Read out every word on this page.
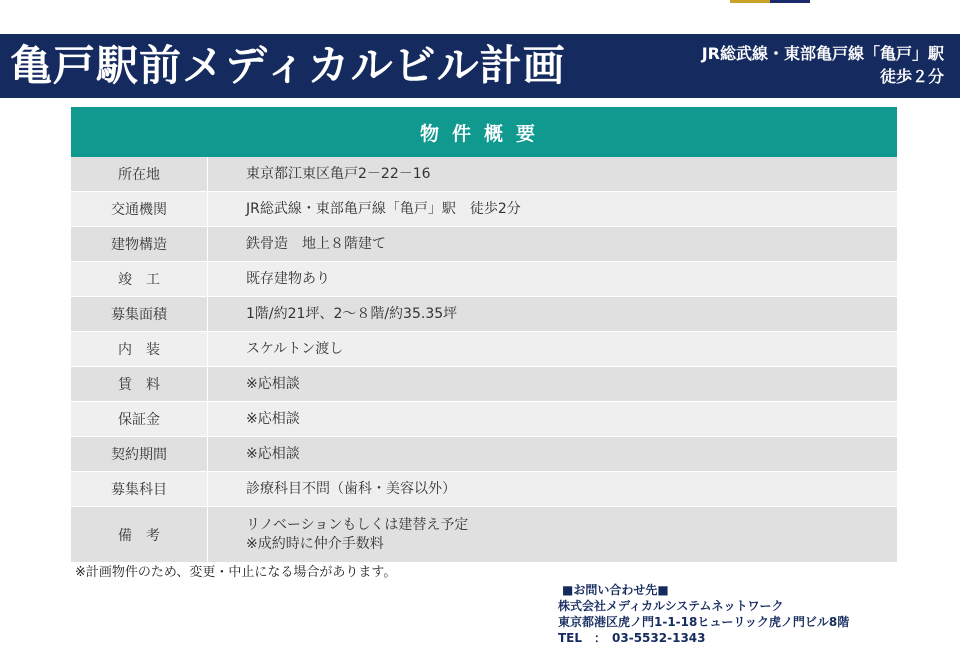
亀戸駅前メディカルビル計画	JR総武線・東部亀戸線「亀戸」駅
徒歩２分
物件概要
所在地	東京都江東区亀戸2－22－16
交通機関	JR総武線・東部亀戸線「亀戸」駅　徒歩2分
建物構造	鉄骨造　地上８階建て
竣　工	既存建物あり
募集面積	1階/約21坪、2～８階/約35.35坪
内　装	スケルトン渡し
賃　料	※応相談
保証金	※応相談
契約期間	※応相談
募集科目	診療科目不問（歯科・美容以外）
備　考	リノベーションもしくは建替え予定
※成約時に仲介手数料
※計画物件のため、変更・中止になる場合があります。
■お問い合わせ先■
株式会社メディカルシステムネットワーク
東京都港区虎ノ門1-1-18ヒューリック虎ノ門ビル8階
TEL　：　03-5532-1343
